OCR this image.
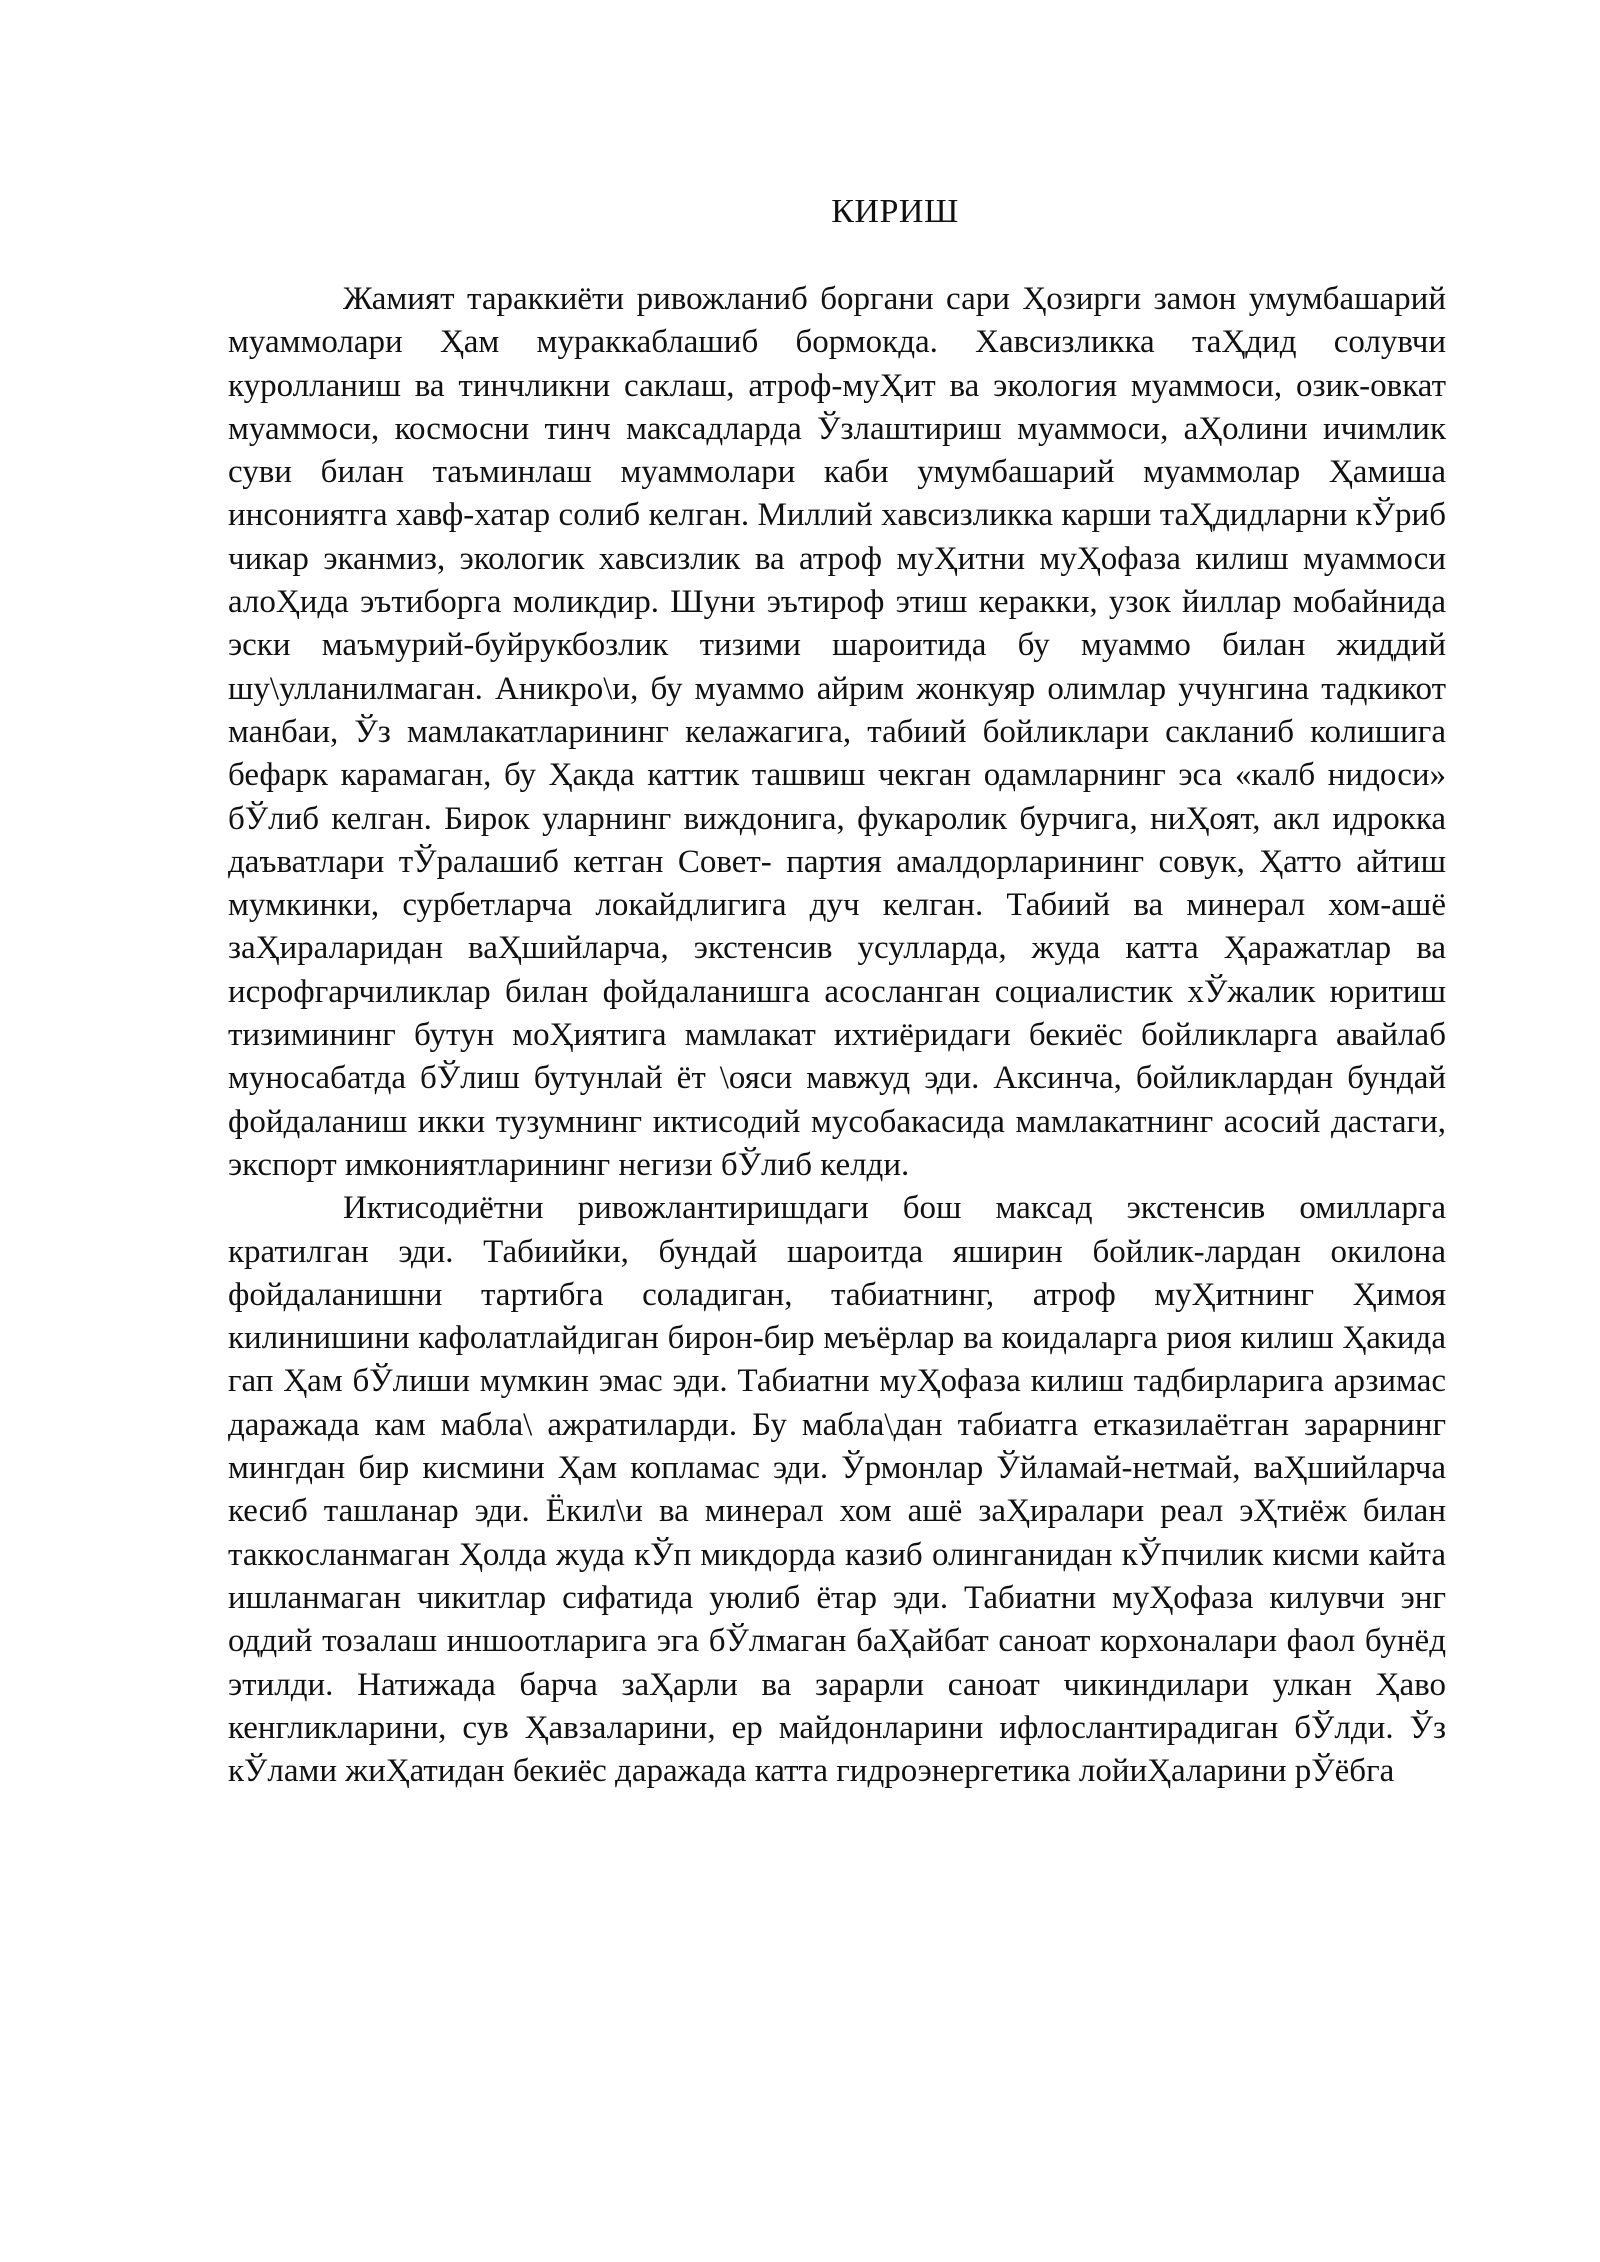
КИРИШ

Жамият тараккиёти ривожланиб боргани сари Ҳозирги замон умумбашарий муаммолари Ҳам мураккаблашиб бормокда. Хавсизликка таҲдид солувчи куролланиш ва тинчликни саклаш, атроф-муҲит ва экология муаммоси, озик-овкат муаммоси, космосни тинч максадларда Ўзлаштириш муаммоси, аҲолини ичимлик суви билан таъминлаш муаммолари каби умумбашарий муаммолар Ҳамиша инсониятга хавф-хатар солиб келган. Миллий хавсизликка карши таҲдидларни кЎриб чикар эканмиз, экологик хавсизлик ва атроф муҲитни муҲофаза килиш муаммоси алоҲида эътиборга моликдир. Шуни эътироф этиш керакки, узок йиллар мобайнида эски маъмурий-буйрукбозлик тизими шароитида бу муаммо билан жиддий шу\улланилмаган. Аникро\и, бу муаммо айрим жонкуяр олимлар учунгина тадкикот манбаи, Ўз мамлакатларининг келажагига, табиий бойликлари сакланиб колишига бефарк карамаган, бу Ҳакда каттик ташвиш чекган одамларнинг эса «калб нидоси» бЎлиб келган. Бирок уларнинг виждонига, фукаролик бурчига, ниҲоят, акл идрокка даъватлари тЎралашиб кетган Совет- партия амалдорларининг совук, Ҳатто айтиш мумкинки, сурбетларча локайдлигига дуч келган. Табиий ва минерал хом-ашё заҲираларидан ваҲшийларча, экстенсив усулларда, жуда катта Ҳаражатлар ва исрофгарчиликлар билан фойдаланишга асосланган социалистик хЎжалик юритиш тизимининг бутун моҲиятига мамлакат ихтиёридаги бекиёс бойликларга авайлаб муносабатда бЎлиш бутунлай ёт \ояси мавжуд эди. Аксинча, бойликлардан бундай фойдаланиш икки тузумнинг иктисодий мусобакасида мамлакатнинг асосий дастаги, экспорт имкониятларининг негизи бЎлиб келди.

Иктисодиётни ривожлантиришдаги бош максад экстенсив омилларга кратилган эди. Табиийки, бундай шароитда яширин бойлик-лардан окилона фойдаланишни тартибга соладиган, табиатнинг, атроф муҲитнинг Ҳимоя килинишини кафолатлайдиган бирон-бир меъёрлар ва коидаларга риоя килиш Ҳакида гап Ҳам бЎлиши мумкин эмас эди. Табиатни муҲофаза килиш тадбирларига арзимас даражада кам мабла\ ажратиларди. Бу мабла\дан табиатга етказилаётган зарарнинг мингдан бир кисмини Ҳам копламас эди. Ўрмонлар Ўйламай-нетмай, ваҲшийларча кесиб ташланар эди. Ёкил\и ва минерал хом ашё заҲиралари реал эҲтиёж билан таккосланмаган Ҳолда жуда кЎп микдорда казиб олинганидан кЎпчилик кисми кайта ишланмаган чикитлар сифатида уюлиб ётар эди. Табиатни муҲофаза килувчи энг оддий тозалаш иншоотларига эга бЎлмаган баҲайбат саноат корхоналари фаол бунёд этилди. Натижада барча заҲарли ва зарарли саноат чикиндилари улкан Ҳаво кенгликларини, сув Ҳавзаларини, ер майдонларини ифлослантирадиган бЎлди. Ўз кЎлами жиҲатидан бекиёс даражада катта гидроэнергетика лойиҲаларини рЎёбга
